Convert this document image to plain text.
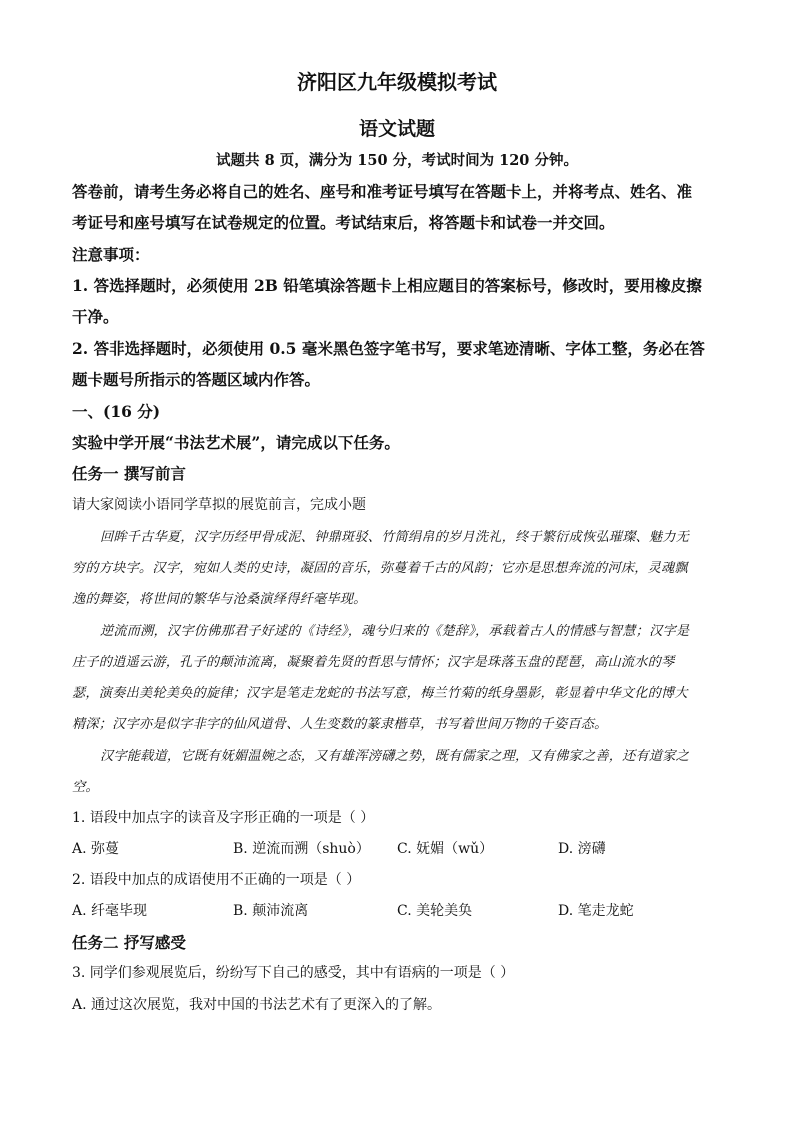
济阳区九年级模拟考试
语文试题
试题共 8 页，满分为 150 分，考试时间为 120 分钟。
答卷前，请考生务必将自己的姓名、座号和准考证号填写在答题卡上，并将考点、姓名、准
考证号和座号填写在试卷规定的位置。考试结束后，将答题卡和试卷一并交回。
注意事项：
1. 答选择题时，必须使用 2B 铅笔填涂答题卡上相应题目的答案标号，修改时，要用橡皮擦
干净。
2. 答非选择题时，必须使用 0.5 毫米黑色签字笔书写，要求笔迹清晰、字体工整，务必在答
题卡题号所指示的答题区域内作答。
一、(16 分)
实验中学开展“书法艺术展”，请完成以下任务。
任务一 撰写前言
请大家阅读小语同学草拟的展览前言，完成小题
回眸千古华夏，汉字历经甲骨成泥、钟鼎斑驳、竹简绢帛的岁月洗礼，终于繁衍成恢弘璀璨、魅力无
穷的方块字。汉字，宛如人类的史诗，凝固的音乐，弥蔓着千古的风韵；它亦是思想奔流的河床，灵魂飘
逸的舞姿，将世间的繁华与沧桑演绎得纤毫毕现。
逆流而溯，汉字仿佛那君子好逑的《诗经》，魂兮归来的《楚辞》，承载着古人的情感与智慧；汉字是
庄子的逍遥云游，孔子的颠沛流离，凝聚着先贤的哲思与情怀；汉字是珠落玉盘的琵琶，高山流水的琴
瑟，演奏出美轮美奂的旋律；汉字是笔走龙蛇的书法写意，梅兰竹菊的纸身墨影，彰显着中华文化的博大
精深；汉字亦是似字非字的仙风道骨、人生变数的篆隶楷草，书写着世间万物的千姿百态。
汉字能载道，它既有妩媚温婉之态，又有雄浑滂礴之势，既有儒家之理，又有佛家之善，还有道家之
空。
1. 语段中加点字的读音及字形正确的一项是（ ）
A. 弥蔓	B. 逆流而溯（shuò） C. 妩媚（wǔ）	D. 滂礴
2. 语段中加点的成语使用不正确的一项是（ ）
A. 纤毫毕现	B. 颠沛流离	C. 美轮美奂	D. 笔走龙蛇
任务二 抒写感受
3. 同学们参观展览后，纷纷写下自己的感受，其中有语病的一项是（ ）
A. 通过这次展览，我对中国的书法艺术有了更深入的了解。
